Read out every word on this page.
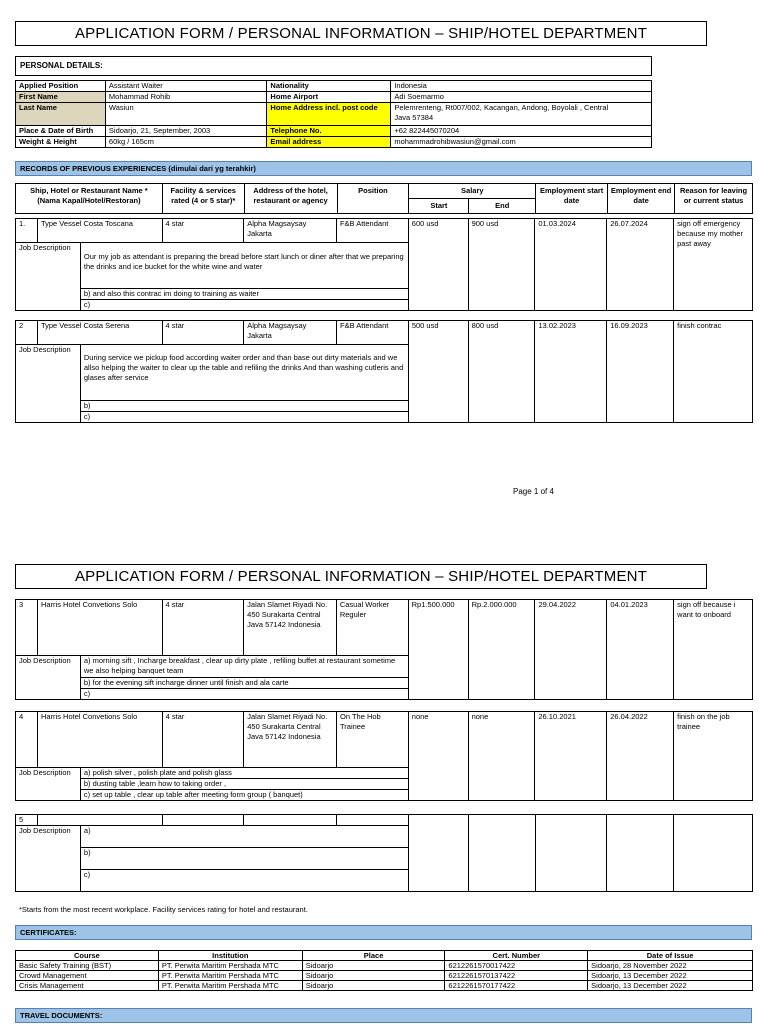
APPLICATION FORM / PERSONAL INFORMATION – SHIP/HOTEL DEPARTMENT
PERSONAL DETAILS:
Applied Position	Assistant Waiter	Nationality	Indonesia
First Name	Mohammad Rohib	Home Airport	Adi Soemarmo
Last Name	Wasiun	Home Address incl. post code	Pelemrenteng, Rt007/002, Kacangan, Andong, Boyolali , Central
Java 57384

Place & Date of Birth	Sidoarjo, 21, September, 2003	Telephone No.	+62 822445070204
Weight & Height	60kg / 165cm	Email address	mohammadrohibwasiun@gmail.com
RECORDS OF PREVIOUS EXPERIENCES (dimulai dari yg terahkir)
Ship, Hotel or Restaurant Name * (Nama Kapal/Hotel/Restoran)	Facility & services rated (4 or 5 star)*	Address of the hotel, restaurant or agency	Position	Salary		Employment start date	Employment end date	Reason for leaving or current status
				Start	End			
1.	Type Vessel Costa Toscana		4 star	Alpha Magsaysay Jakarta	F&B Attendant	600 usd	900 usd	01.03.2024	26.07.2024	sign off emergency because my mother past away
Job Description		Our my job as attendant is preparing the bread before start lunch or diner after that we preparing the drinks and ice bucket for the white wine and water								
		b) and also this contrac im doing to training as waiter								
		c)								
2	Type Vessel Costa Serena		4 star	Alpha Magsaysay Jakarta	F&B Attendant	500 usd	800 usd	13.02.2023	16.09.2023	finish contrac
Job Description		During service we pickup food according waiter order and than base out dirty materials and we allso helping the waiter to clear up the table and refiling the drinks And than washing cutleris and glases after service								
		b)								
		c)								
Page 1 of 4
APPLICATION FORM / PERSONAL INFORMATION – SHIP/HOTEL DEPARTMENT
3	Harris Hotel Convetions Solo		4 star	Jalan Slamet Riyadi No. 450 Surakarta Central Java 57142 Indonesia	Casual Worker Reguler	Rp1.500.000	Rp.2.000.000	29.04.2022	04.01.2023	sign off because i want to onboard
Job Description		a) morning sift , Incharge breakfast , clear up dirty plate , refiling buffet at restaurant sometime we also helping banquet team								
		b) for the evening sift incharge dinner until finish and ala carte								
		c)								
4	Harris Hotel Convetions Solo		4 star	Jalan Slamet Riyadi No. 450 Surakarta Central Java 57142 Indonesia	On The Hob Trainee	none	none	26.10.2021	26.04.2022	finish on the job trainee
Job Description		a) polish silver , polish plate and polish glass								
		b) dusting table ,learn how to taking order ,								
		c) set up table , clear up table after meeting form group ( banquet)								
5										
Job Description		a)								
		b)								
		c)								
*Starts from the most recent workplace. Facility services rating for hotel and restaurant.
CERTIFICATES:
Course	Institution	Place	Cert. Number	Date of Issue
Basic Safety Training (BST)	PT. Perwita Maritim Pershada MTC	Sidoarjo	6212261570017422	Sidoarjo, 28 November 2022
Crowd Management	PT. Perwita Maritim Pershada MTC	Sidoarjo	6212261570137422	Sidoarjo, 13 December 2022
Crisis Management	PT. Perwita Maritim Pershada MTC	Sidoarjo	6212261570177422	Sidoarjo, 13 December 2022
TRAVEL DOCUMENTS:
